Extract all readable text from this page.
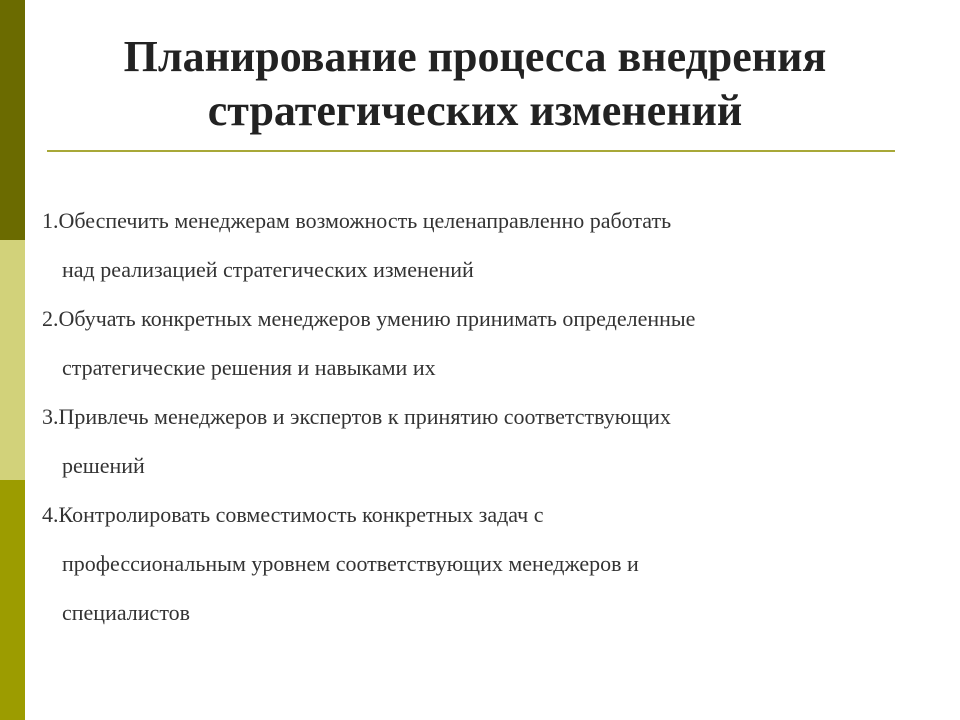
Планирование процесса внедрения
стратегических изменений
1.Обеспечить менеджерам возможность целенаправленно работать
над реализацией стратегических изменений
2.Обучать конкретных менеджеров умению принимать определенные
стратегические решения и навыками их
3.Привлечь менеджеров и экспертов к принятию соответствующих
решений
4.Контролировать совместимость конкретных задач с
профессиональным уровнем соответствующих менеджеров и
специалистов
